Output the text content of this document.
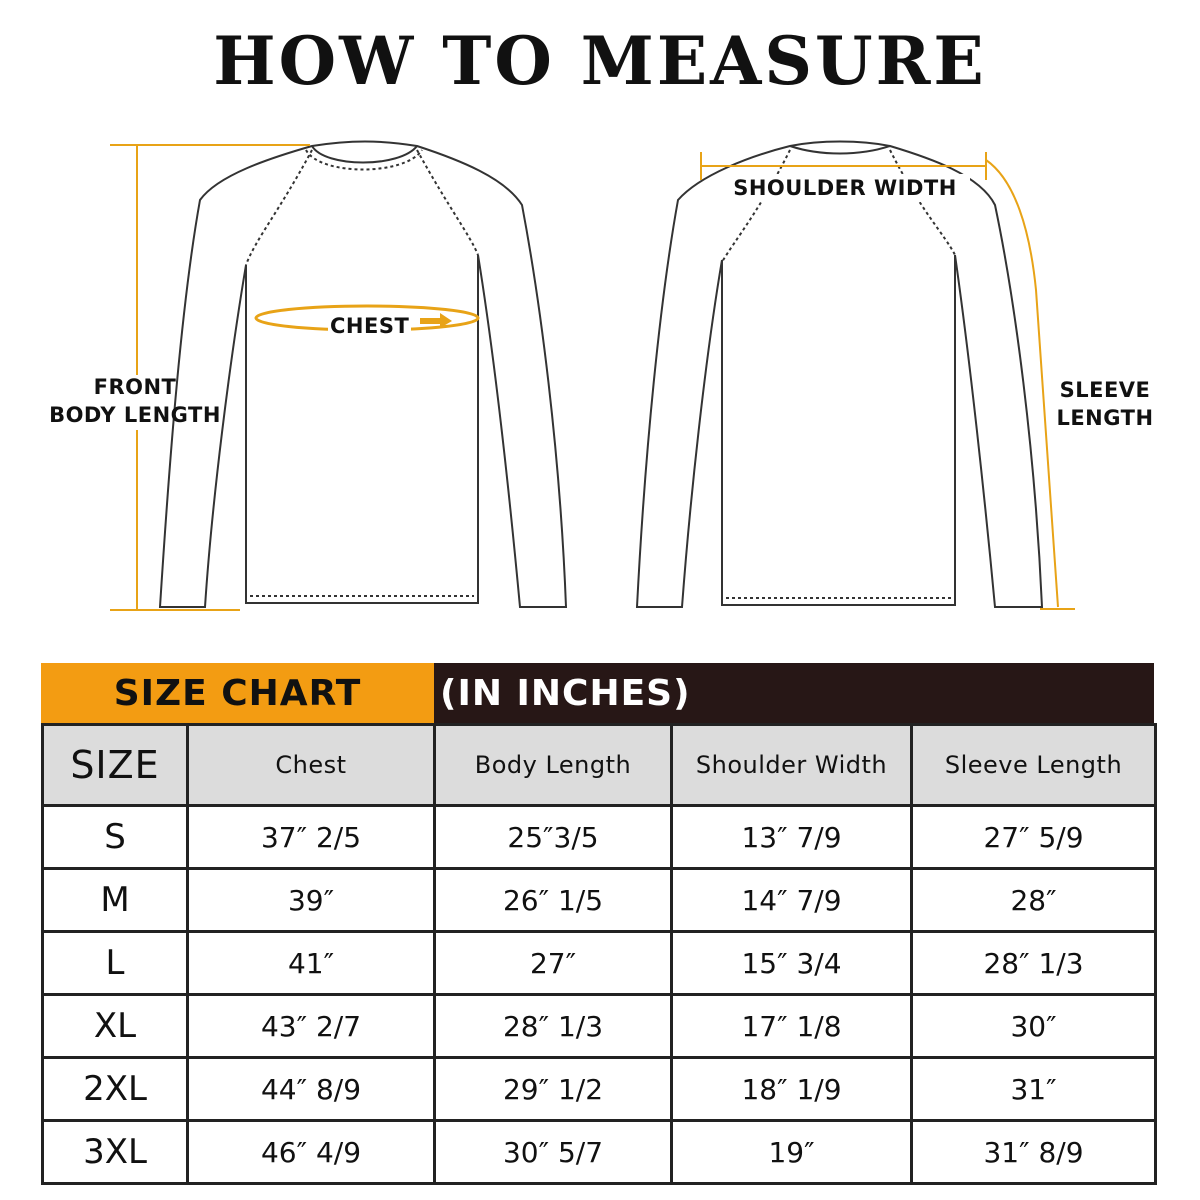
HOW TO MEASURE
FRONT
BODY LENGTH
CHEST
SHOULDER WIDTH
SLEEVE
LENGTH
SIZE CHART	(IN INCHES)
SIZE	Chest	Body Length	Shoulder Width	Sleeve Length
S	37″ 2/5	25″3/5	13″ 7/9	27″ 5/9
M	39″	26″ 1/5	14″ 7/9	28″
L	41″	27″	15″ 3/4	28″ 1/3
XL	43″ 2/7	28″ 1/3	17″ 1/8	30″
2XL	44″ 8/9	29″ 1/2	18″ 1/9	31″
3XL	46″ 4/9	30″ 5/7	19″	31″ 8/9
